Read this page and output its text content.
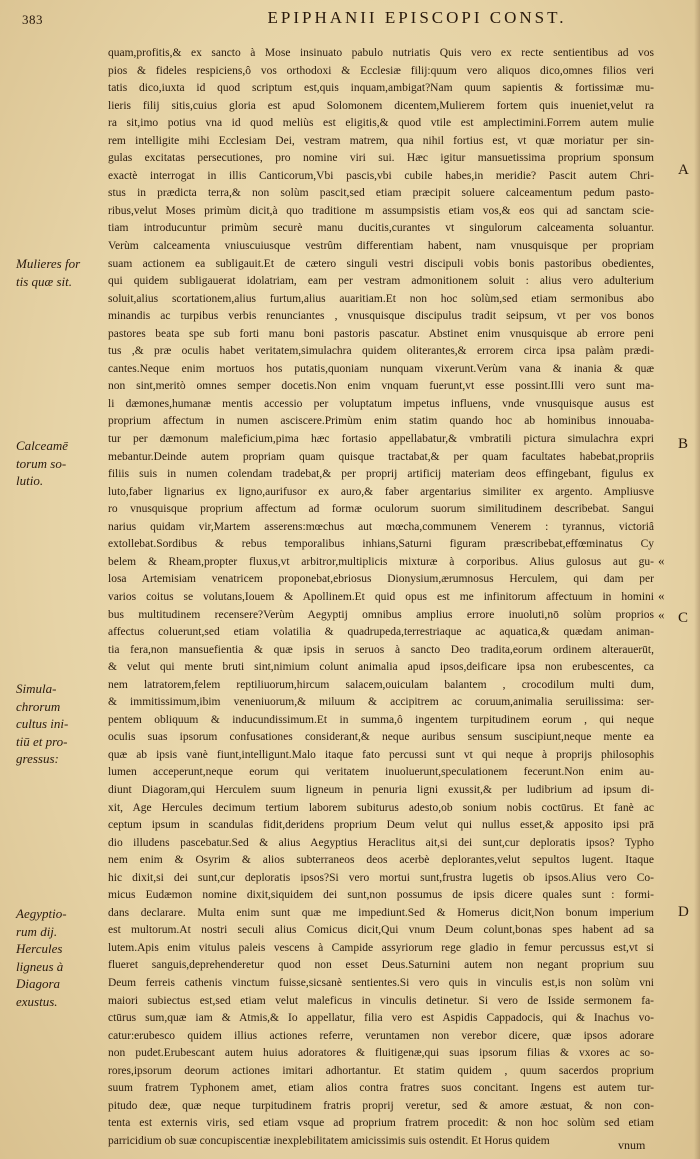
383	EPIPHANII EPISCOPI CONST.
quam,profitis,& ex sancto à Mose insinuato pabulo nutriatis Quis vero ex recte sentientibus ad vos
pios & fideles respiciens,ô vos orthodoxi & Ecclesiæ filij:quum vero aliquos dico,omnes filios veri
tatis dico,iuxta id quod scriptum est,quis inquam,ambigat?Nam quum sapientis & fortissimæ mu-
lieris filij sitis,cuius gloria est apud Solomonem dicentem,Mulierem fortem quis inueniet,velut ra
ra sit,imo potius vna id quod meliùs est eligitis,& quod vtile est amplectimini.Forrem autem mulie
rem intelligite mihi Ecclesiam Dei, vestram matrem, qua nihil fortius est, vt quæ moriatur per sin-
gulas excitatas persecutiones, pro nomine viri sui. Hæc igitur mansuetissima proprium sponsum
exactè interrogat in illis Canticorum,Vbi pascis,vbi cubile habes,in meridie? Pascit autem Chri-
stus in prædicta terra,& non solùm pascit,sed etiam præcipit soluere calceamentum pedum pasto-
ribus,velut Moses primùm dicit,à quo traditione m assumpsistis etiam vos,& eos qui ad sanctam scie-
tiam introducuntur primùm securè manu ducitis,curantes vt singulorum calceamenta soluantur.
Verùm calceamenta vniuscuiusque vestrûm differentiam habent, nam vnusquisque per propriam
suam actionem ea subligauit.Et de cætero singuli vestri discipuli vobis bonis pastoribus obedientes,
qui quidem subligauerat idolatriam, eam per vestram admonitionem soluit : alius vero adulterium
soluit,alius scortationem,alius furtum,alius auaritiam.Et non hoc solùm,sed etiam sermonibus abo
minandis ac turpibus verbis renunciantes , vnusquisque discipulus tradit seipsum, vt per vos bonos
pastores beata spe sub forti manu boni pastoris pascatur. Abstinet enim vnusquisque ab errore peni
tus ,& præ oculis habet veritatem,simulachra quidem oliterantes,& errorem circa ipsa palàm prædi-
cantes.Neque enim mortuos hos putatis,quoniam nunquam vixerunt.Verùm vana & inania & quæ
non sint,meritò omnes semper docetis.Non enim vnquam fuerunt,vt esse possint.Illi vero sunt ma-
li dæmones,humanæ mentis accessio per voluptatum impetus influens, vnde vnusquisque ausus est
proprium affectum in numen asciscere.Primùm enim statim quando hoc ab hominibus innouaba-
tur per dæmonum maleficium,pima hæc fortasio appellabatur,& vmbratili pictura simulachra expri
mebantur.Deinde autem propriam quam quisque tractabat,& per quam facultates habebat,propriis
filiis suis in numen colendam tradebat,& per proprij artificij materiam deos effingebant, figulus ex
luto,faber lignarius ex ligno,aurifusor ex auro,& faber argentarius similiter ex argento. Ampliusve
ro vnusquisque proprium affectum ad formæ oculorum suorum similitudinem describebat. Sangui
narius quidam vir,Martem asserens:mœchus aut mœcha,communem Venerem : tyrannus, victoriâ
extollebat.Sordibus & rebus temporalibus inhians,Saturni figuram præscribebat,effœminatus Cy
belem & Rheam,propter fluxus,vt arbitror,multiplicis mixturæ à corporibus. Alius gulosus aut gu-
losa Artemisiam venatricem proponebat,ebriosus Dionysium,ærumnosus Herculem, qui dam per
varios coitus se volutans,Iouem & Apollinem.Et quid opus est me infinitorum affectuum in homini
bus multitudinem recensere?Verùm Aegyptij omnibus amplius errore inuoluti,nō solùm proprios
affectus coluerunt,sed etiam volatilia & quadrupeda,terrestriaque ac aquatica,& quædam animan-
tia fera,non mansuefientia & quæ ipsis in seruos à sancto Deo tradita,eorum ordinem alterauerūt,
& velut qui mente bruti sint,nimium colunt animalia apud ipsos,deificare ipsa non erubescentes, ca
nem latratorem,felem reptiliuorum,hircum salacem,ouiculam balantem , crocodilum multi dum,
& immitissimum,ibim veneniuorum,& miluum & accipitrem ac coruum,animalia seruilissima: ser-
pentem obliquum & inducundissimum.Et in summa,ô ingentem turpitudinem eorum , qui neque
oculis suas ipsorum confusationes considerant,& neque auribus sensum suscipiunt,neque mente ea
quæ ab ipsis vanè fiunt,intelligunt.Malo itaque fato percussi sunt vt qui neque à proprijs philosophis
lumen acceperunt,neque eorum qui veritatem inuoluerunt,speculationem fecerunt.Non enim au-
diunt Diagoram,qui Herculem suum ligneum in penuria ligni exussit,& per ludibrium ad ipsum di-
xit, Age Hercules decimum tertium laborem subiturus adesto,ob sonium nobis coctūrus. Et fanè ac
ceptum ipsum in scandulas fidit,deridens proprium Deum velut qui nullus esset,& apposito ipsi prā
dio illudens pascebatur.Sed & alius Aegyptius Heraclitus ait,si dei sunt,cur deploratis ipsos? Typho
nem enim & Osyrim & alios subterraneos deos acerbè deplorantes,velut sepultos lugent. Itaque
hic dixit,si dei sunt,cur deploratis ipsos?Si vero mortui sunt,frustra lugetis ob ipsos.Alius vero Co-
micus Eudæmon nomine dixit,siquidem dei sunt,non possumus de ipsis dicere quales sunt : formi-
dans declarare. Multa enim sunt quæ me impediunt.Sed & Homerus dicit,Non bonum imperium
est multorum.At nostri seculi alius Comicus dicit,Qui vnum Deum colunt,bonas spes habent ad sa
lutem.Apis enim vitulus paleis vescens à Campide assyriorum rege gladio in femur percussus est,vt si
flueret sanguis,deprehenderetur quod non esset Deus.Saturnini autem non negant proprium suu
Deum ferreis cathenis vinctum fuisse,sicsanè sentientes.Si vero quis in vinculis est,is non solùm vni
maiori subiectus est,sed etiam velut maleficus in vinculis detinetur. Si vero de Isside sermonem fa-
ctūrus sum,quæ iam & Atmis,& Io appellatur, filia vero est Aspidis Cappadocis, qui & Inachus vo-
catur:erubesco quidem illius actiones referre, veruntamen non verebor dicere, quæ ipsos adorare
non pudet.Erubescant autem huius adoratores & fluitigenæ,qui suas ipsorum filias & vxores ac so-
rores,ipsorum deorum actiones imitari adhortantur. Et statim quidem , quum sacerdos proprium
suum fratrem Typhonem amet, etiam alios contra fratres suos concitant. Ingens est autem tur-
pitudo deæ, quæ neque turpitudinem fratris proprij veretur, sed & amore æstuat, & non con-
tenta est externis viris, sed etiam vsque ad proprium fratrem procedit: & non hoc solùm sed etiam
parricidium ob suæ concupiscentiæ inexplebilitatem amicissimis suis ostendit. Et Horus quidem
Mulieres for
tis quæ sit.
Calceamē
torum so-
lutio.
Simula-
chrorum
cultus ini-
tiū et pro-
gressus:
Aegyptio-
rum dij.
Hercules
ligneus à
Diagora
exustus.
A
B
C
D
«
«
«
vnum
